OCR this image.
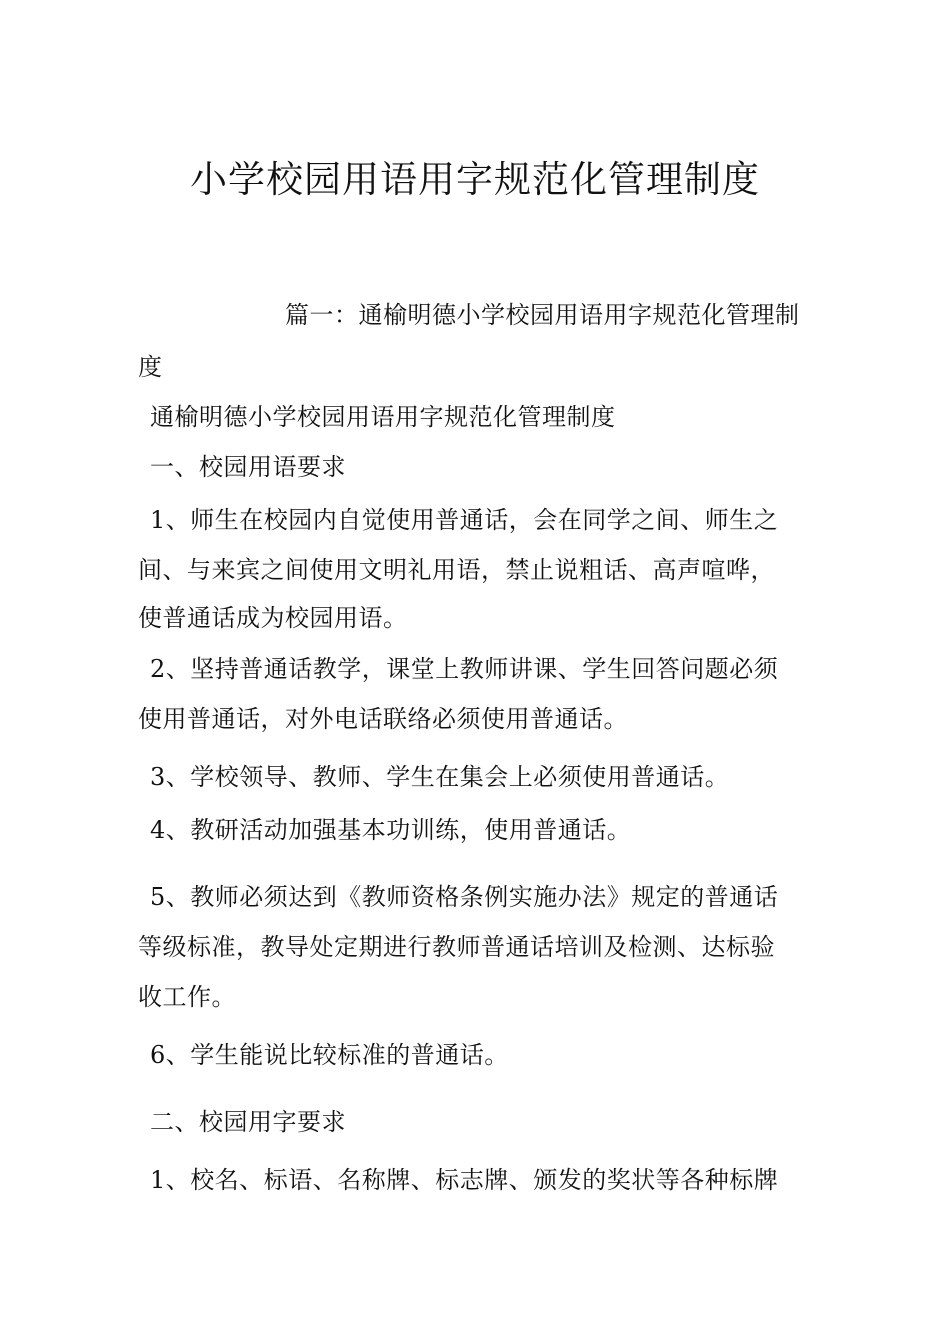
小学校园用语用字规范化管理制度
篇一：通榆明德小学校园用语用字规范化管理制
度
通榆明德小学校园用语用字规范化管理制度
一、校园用语要求
1、师生在校园内自觉使用普通话，会在同学之间、师生之
间、与来宾之间使用文明礼用语，禁止说粗话、高声喧哗，
使普通话成为校园用语。
2、坚持普通话教学，课堂上教师讲课、学生回答问题必须
使用普通话，对外电话联络必须使用普通话。
3、学校领导、教师、学生在集会上必须使用普通话。
4、教研活动加强基本功训练，使用普通话。
5、教师必须达到《教师资格条例实施办法》规定的普通话
等级标准，教导处定期进行教师普通话培训及检测、达标验
收工作。
6、学生能说比较标准的普通话。
二、校园用字要求
1、校名、标语、名称牌、标志牌、颁发的奖状等各种标牌
